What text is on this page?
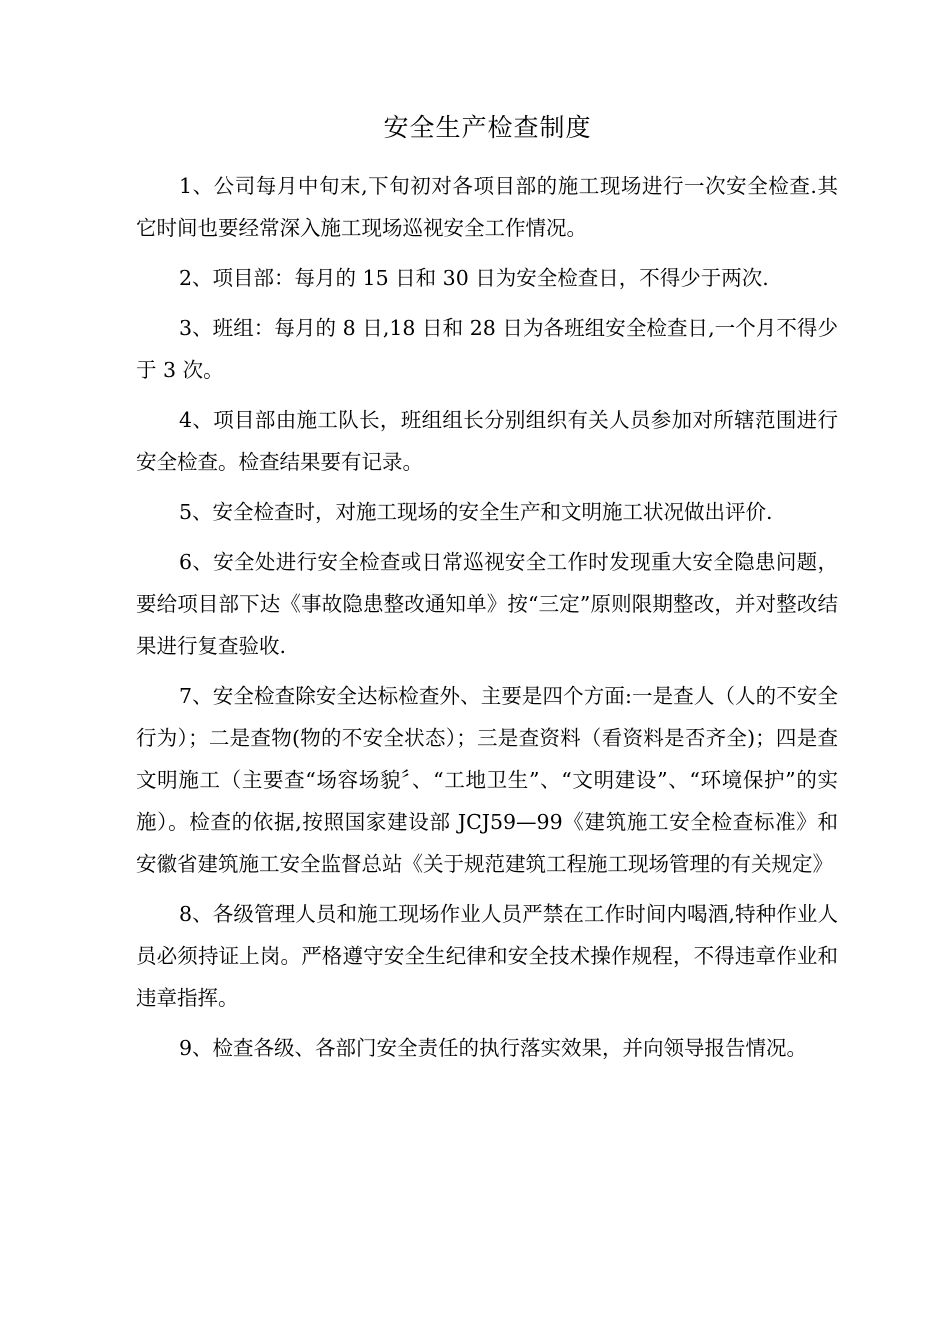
安全生产检查制度

1、公司每月中旬末,下旬初对各项目部的施工现场进行一次安全检查.其它时间也要经常深入施工现场巡视安全工作情况。

2、项目部：每月的 15 日和 30 日为安全检查日，不得少于两次.

3、班组：每月的 8 日,18 日和 28 日为各班组安全检查日,一个月不得少于 3 次。

4、项目部由施工队长，班组组长分别组织有关人员参加对所辖范围进行安全检查。检查结果要有记录。

5、安全检查时，对施工现场的安全生产和文明施工状况做出评价.

6、安全处进行安全检查或日常巡视安全工作时发现重大安全隐患问题，要给项目部下达《事故隐患整改通知单》按“三定”原则限期整改，并对整改结果进行复查验收.

7、安全检查除安全达标检查外、主要是四个方面:一是查人（人的不安全行为）；二是查物(物的不安全状态）；三是查资料（看资料是否齐全)；四是查文明施工（主要查“场容场貌〞、“工地卫生”、“文明建设”、“环境保护”的实施）。检查的依据,按照国家建设部 JCJ59—99《建筑施工安全检查标准》和安徽省建筑施工安全监督总站《关于规范建筑工程施工现场管理的有关规定》

8、各级管理人员和施工现场作业人员严禁在工作时间内喝酒,特种作业人员必须持证上岗。严格遵守安全生纪律和安全技术操作规程，不得违章作业和违章指挥。

9、检查各级、各部门安全责任的执行落实效果，并向领导报告情况。
